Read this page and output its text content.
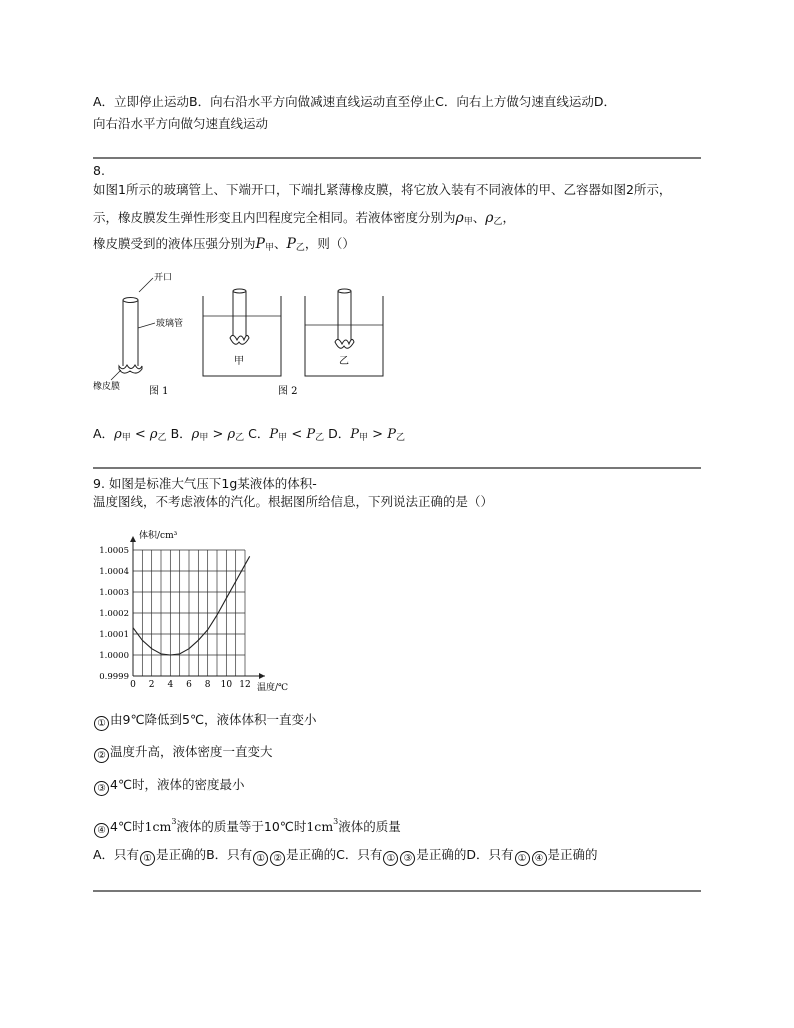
A．立即停止运动B．向右沿水平方向做减速直线运动直至停止C．向右上方做匀速直线运动D．
向右沿水平方向做匀速直线运动
8.
如图1所示的玻璃管上、下端开口，下端扎紧薄橡皮膜，将它放入装有不同液体的甲、乙容器如图2所示，
示，橡皮膜发生弹性形变且内凹程度完全相同。若液体密度分别为$\rho_甲$、$\rho_乙$，
橡皮膜受到的液体压强分别为$P_甲$、$P_乙$，则（）
开口
玻璃管
橡皮膜	图 1
甲	乙
图 2
A．$\rho_甲 < \rho_乙$ B．$\rho_甲 > \rho_乙$ C．$P_甲 < P_乙$ D．$P_甲 > P_乙$
9. 如图是标准大气压下1g某液体的体积-
温度图线，不考虑液体的汽化。根据图所给信息，下列说法正确的是（）
0 2 4 6 8 10 12
1.0005
1.0004
1.0003
1.0002
1.0001
1.0000
0.9999
体积/cm³
温度/℃
① 由9℃降低到5℃，液体体积一直变小
② 温度升高，液体密度一直变大
③ 4℃时，液体的密度最小
④ 4℃时$1cm^3$液体的质量等于10℃时$1cm^3$液体的质量
A．只有 ① 是正确的B．只有 ① ② 是正确的C．只有 ① ③ 是正确的D．只有 ① ④ 是正确的
